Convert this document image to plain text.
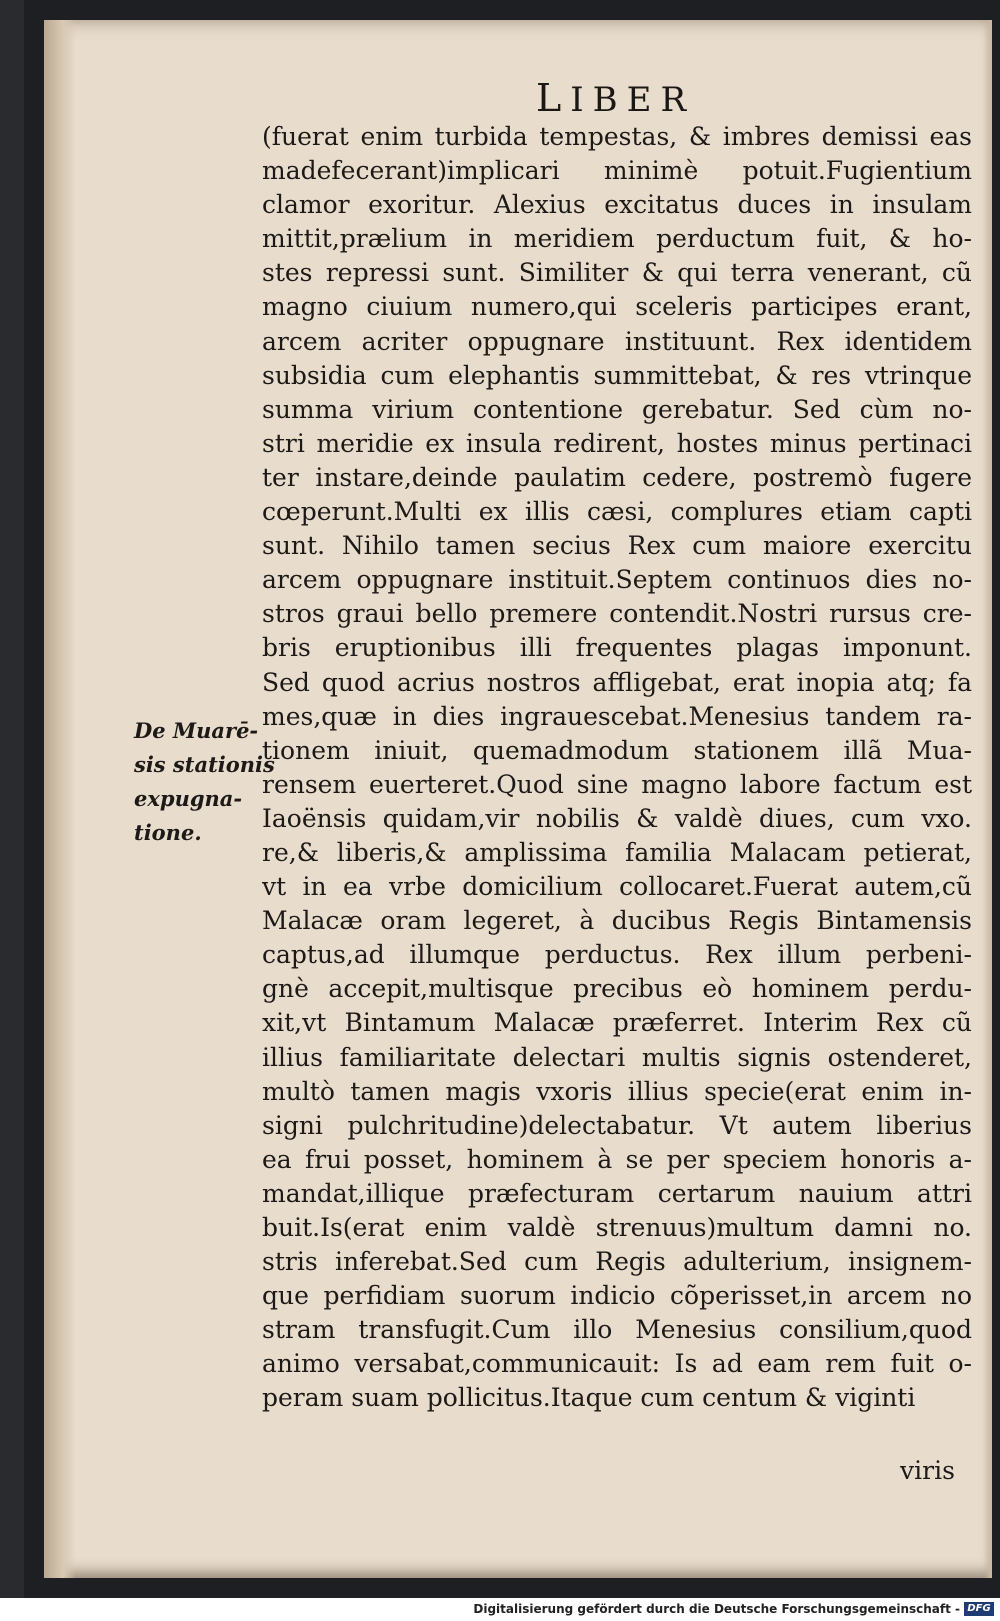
LIBER
(fuerat enim turbida tempestas, & imbres demissi eas
madefecerant)implicari minimè potuit.Fugientium
clamor exoritur. Alexius excitatus duces in insulam
mittit,prælium in meridiem perductum fuit, & ho-
stes repressi sunt. Similiter & qui terra venerant, cũ
magno ciuium numero,qui sceleris participes erant,
arcem acriter oppugnare instituunt. Rex identidem
subsidia cum elephantis summittebat, & res vtrinque
summa virium contentione gerebatur. Sed cùm no-
stri meridie ex insula redirent, hostes minus pertinaci
ter instare,deinde paulatim cedere, postremò fugere
cœperunt.Multi ex illis cæsi, complures etiam capti
sunt. Nihilo tamen secius Rex cum maiore exercitu
arcem oppugnare instituit.Septem continuos dies no-
stros graui bello premere contendit.Nostri rursus cre-
bris eruptionibus illi frequentes plagas imponunt.
Sed quod acrius nostros affligebat, erat inopia atq; fa
mes,quæ in dies ingrauescebat.Menesius tandem ra-
tionem iniuit, quemadmodum stationem illã Mua-
rensem euerteret.Quod sine magno labore factum est
Iaoënsis quidam,vir nobilis & valdè diues, cum vxo.
re,& liberis,& amplissima familia Malacam petierat,
vt in ea vrbe domicilium collocaret.Fuerat autem,cũ
Malacæ oram legeret, à ducibus Regis Bintamensis
captus,ad illumque perductus. Rex illum perbeni-
gnè accepit,multisque precibus eò hominem perdu-
xit,vt Bintamum Malacæ præferret. Interim Rex cũ
illius familiaritate delectari multis signis ostenderet,
multò tamen magis vxoris illius specie(erat enim in-
signi pulchritudine)delectabatur. Vt autem liberius
ea frui posset, hominem à se per speciem honoris a-
mandat,illique præfecturam certarum nauium attri
buit.Is(erat enim valdè strenuus)multum damni no.
stris inferebat.Sed cum Regis adulterium, insignem-
que perfidiam suorum indicio cõperisset,in arcem no
stram transfugit.Cum illo Menesius consilium,quod
animo versabat,communicauit: Is ad eam rem fuit o-
peram suam pollicitus.Itaque cum centum & viginti
viris
De Muarē-
sis stationis
expugna-
tione.
Digitalisierung gefördert durch die Deutsche Forschungsgemeinschaft - DFG
